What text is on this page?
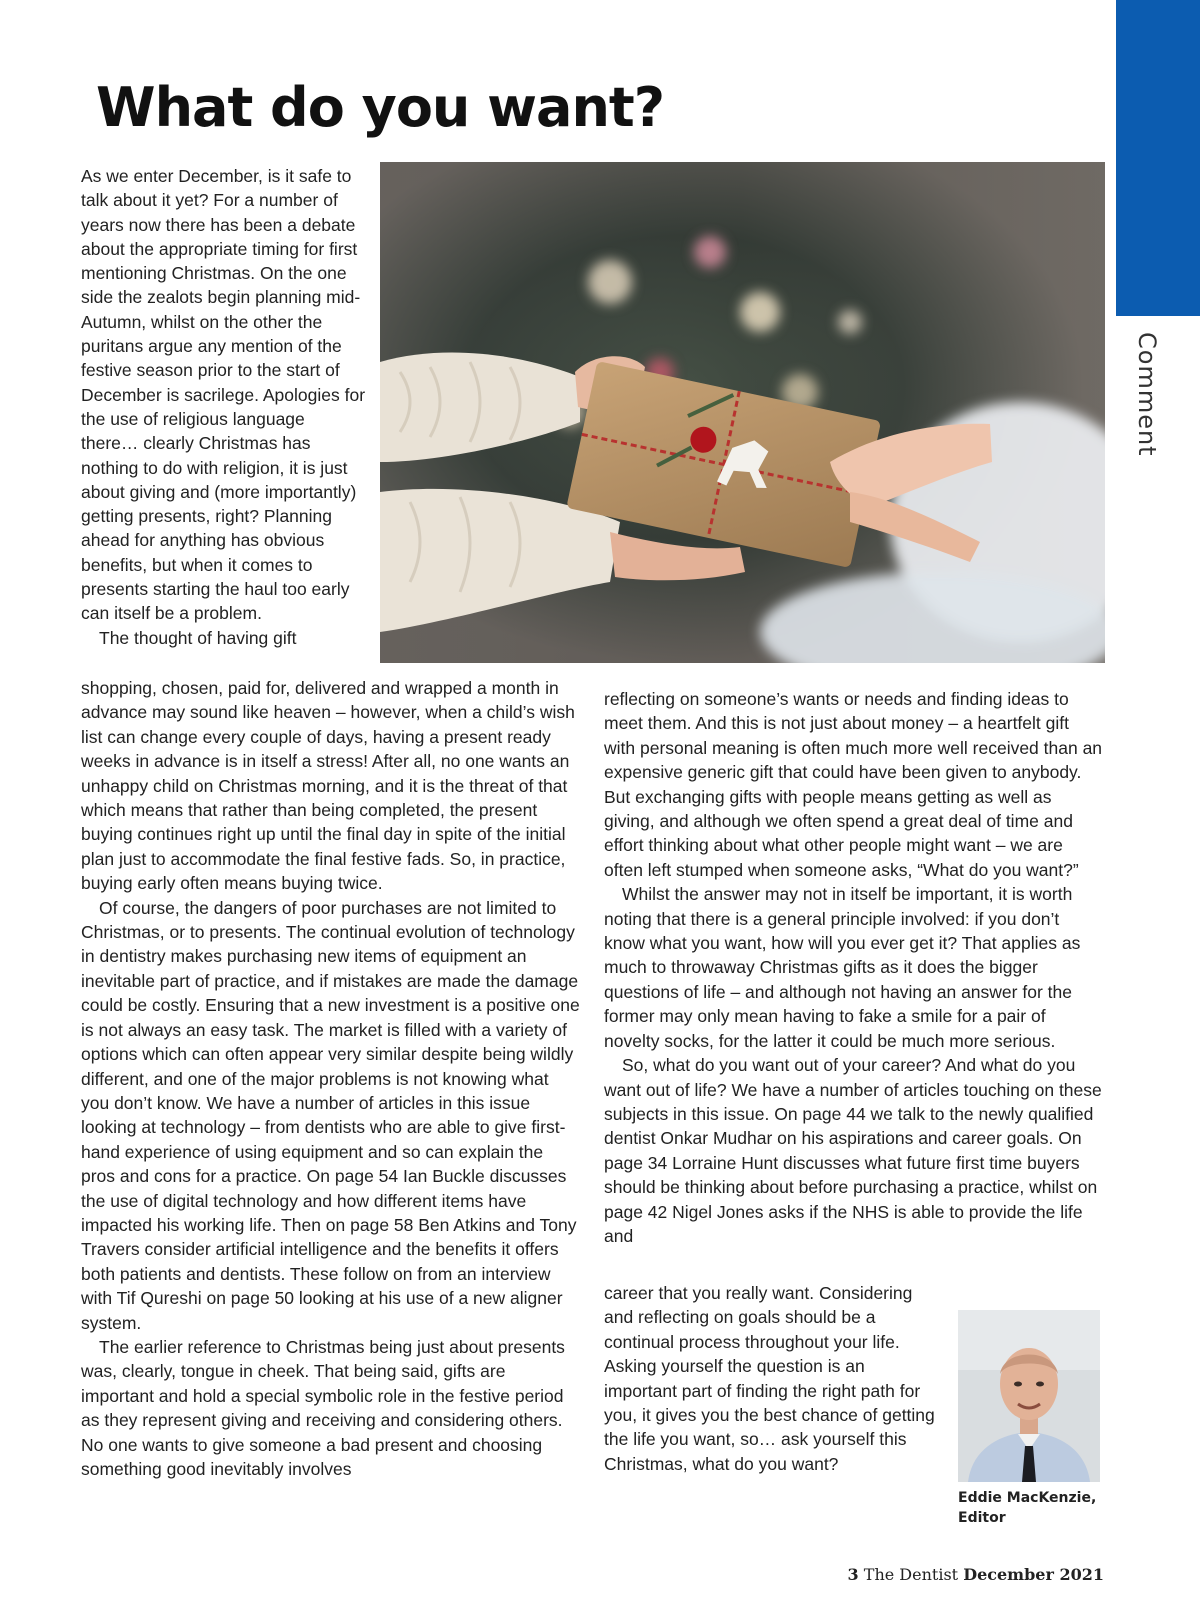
Comment
What do you want?

As we enter December, is it safe to talk about it yet? For a number of years now there has been a debate about the appropriate timing for first mentioning Christmas. On the one side the zealots begin planning mid-Autumn, whilst on the other the puritans argue any mention of the festive season prior to the start of December is sacrilege. Apologies for the use of religious language there… clearly Christmas has nothing to do with religion, it is just about giving and (more importantly) getting presents, right? Planning ahead for anything has obvious benefits, but when it comes to presents starting the haul too early can itself be a problem.

The thought of having gift

shopping, chosen, paid for, delivered and wrapped a month in advance may sound like heaven – however, when a child’s wish list can change every couple of days, having a present ready weeks in advance is in itself a stress! After all, no one wants an unhappy child on Christmas morning, and it is the threat of that which means that rather than being completed, the present buying continues right up until the final day in spite of the initial plan just to accommodate the final festive fads. So, in practice, buying early often means buying twice.

Of course, the dangers of poor purchases are not limited to Christmas, or to presents. The continual evolution of technology in dentistry makes purchasing new items of equipment an inevitable part of practice, and if mistakes are made the damage could be costly. Ensuring that a new investment is a positive one is not always an easy task. The market is filled with a variety of options which can often appear very similar despite being wildly different, and one of the major problems is not knowing what you don’t know. We have a number of articles in this issue looking at technology – from dentists who are able to give first-hand experience of using equipment and so can explain the pros and cons for a practice. On page 54 Ian Buckle discusses the use of digital technology and how different items have impacted his working life. Then on page 58 Ben Atkins and Tony Travers consider artificial intelligence and the benefits it offers both patients and dentists. These follow on from an interview with Tif Qureshi on page 50 looking at his use of a new aligner system.

The earlier reference to Christmas being just about presents was, clearly, tongue in cheek. That being said, gifts are important and hold a special symbolic role in the festive period as they represent giving and receiving and considering others. No one wants to give someone a bad present and choosing something good inevitably involves

reflecting on someone’s wants or needs and finding ideas to meet them. And this is not just about money – a heartfelt gift with personal meaning is often much more well received than an expensive generic gift that could have been given to anybody. But exchanging gifts with people means getting as well as giving, and although we often spend a great deal of time and effort thinking about what other people might want – we are often left stumped when someone asks, “What do you want?”

Whilst the answer may not in itself be important, it is worth noting that there is a general principle involved: if you don’t know what you want, how will you ever get it? That applies as much to throwaway Christmas gifts as it does the bigger questions of life – and although not having an answer for the former may only mean having to fake a smile for a pair of novelty socks, for the latter it could be much more serious.

So, what do you want out of your career? And what do you want out of life? We have a number of articles touching on these subjects in this issue. On page 44 we talk to the newly qualified dentist Onkar Mudhar on his aspirations and career goals. On page 34 Lorraine Hunt discusses what future first time buyers should be thinking about before purchasing a practice, whilst on page 42 Nigel Jones asks if the NHS is able to provide the life and

career that you really want. Considering and reflecting on goals should be a continual process throughout your life. Asking yourself the question is an important part of finding the right path for you, it gives you the best chance of getting the life you want, so… ask yourself this Christmas, what do you want?

Eddie MacKenzie,
Editor
3 The Dentist December 2021
